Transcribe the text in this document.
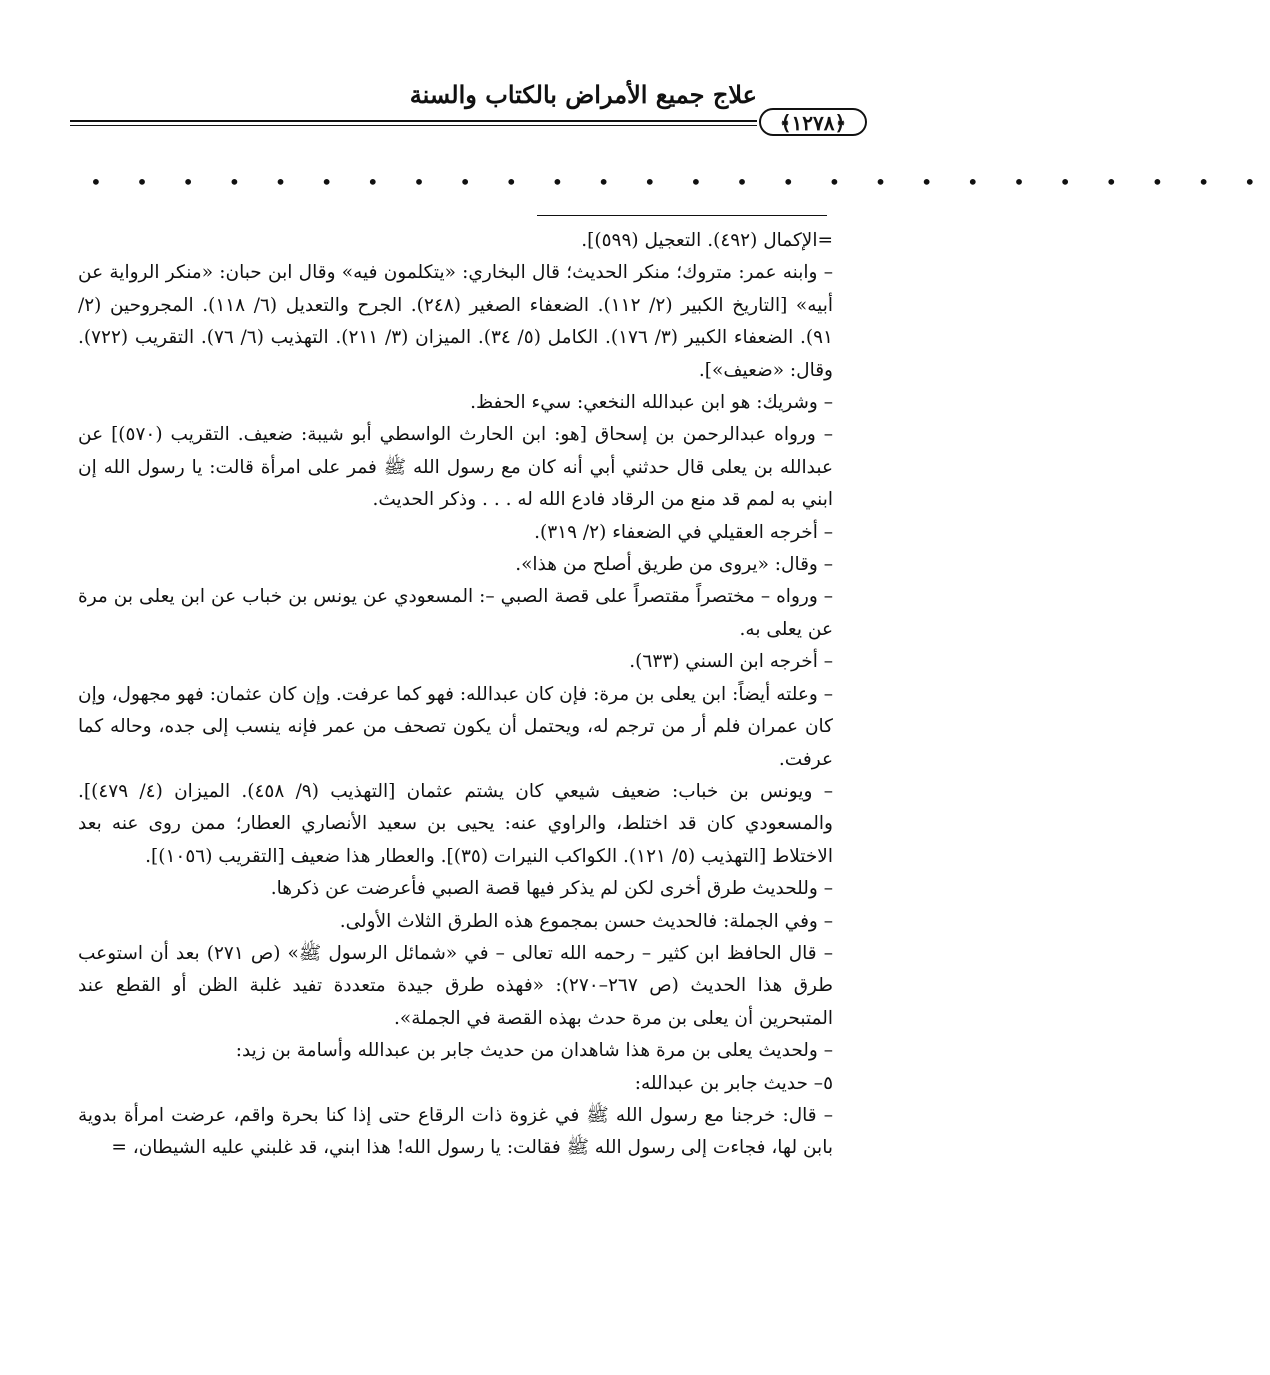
علاج جميع الأمراض بالكتاب والسنة
﴿١٢٧٨﴾
• • • • • • • • • • • • • • • • • • • • • • • • • •

=الإكمال (٤٩٢). التعجيل (٥٩٩)].

– وابنه عمر: متروك؛ منكر الحديث؛ قال البخاري: «يتكلمون فيه» وقال ابن حبان: «منكر الرواية عن أبيه» [التاريخ الكبير (٢/ ١١٢). الضعفاء الصغير (٢٤٨). الجرح والتعديل (٦/ ١١٨). المجروحين (٢/ ٩١). الضعفاء الكبير (٣/ ١٧٦). الكامل (٥/ ٣٤). الميزان (٣/ ٢١١). التهذيب (٦/ ٧٦). التقريب (٧٢٢). وقال: «ضعيف»].

– وشريك: هو ابن عبدالله النخعي: سيء الحفظ.

– ورواه عبدالرحمن بن إسحاق [هو: ابن الحارث الواسطي أبو شيبة: ضعيف. التقريب (٥٧٠)] عن عبدالله بن يعلى قال حدثني أبي أنه كان مع رسول الله ﷺ فمر على امرأة قالت: يا رسول الله إن ابني به لمم قد منع من الرقاد فادع الله له . . . وذكر الحديث.

– أخرجه العقيلي في الضعفاء (٢/ ٣١٩).

– وقال: «يروى من طريق أصلح من هذا».

– ورواه – مختصراً مقتصراً على قصة الصبي –: المسعودي عن يونس بن خباب عن ابن يعلى بن مرة عن يعلى به.

– أخرجه ابن السني (٦٣٣).

– وعلته أيضاً: ابن يعلى بن مرة: فإن كان عبدالله: فهو كما عرفت. وإن كان عثمان: فهو مجهول، وإن كان عمران فلم أر من ترجم له، ويحتمل أن يكون تصحف من عمر فإنه ينسب إلى جده، وحاله كما عرفت.

– ويونس بن خباب: ضعيف شيعي كان يشتم عثمان [التهذيب (٩/ ٤٥٨). الميزان (٤/ ٤٧٩)]. والمسعودي كان قد اختلط، والراوي عنه: يحيى بن سعيد الأنصاري العطار؛ ممن روى عنه بعد الاختلاط [التهذيب (٥/ ١٢١). الكواكب النيرات (٣٥)]. والعطار هذا ضعيف [التقريب (١٠٥٦)].

– وللحديث طرق أخرى لكن لم يذكر فيها قصة الصبي فأعرضت عن ذكرها.

– وفي الجملة: فالحديث حسن بمجموع هذه الطرق الثلاث الأولى.

– قال الحافظ ابن كثير – رحمه الله تعالى – في «شمائل الرسول ﷺ» (ص ٢٧١) بعد أن استوعب طرق هذا الحديث (ص ٢٦٧–٢٧٠): «فهذه طرق جيدة متعددة تفيد غلبة الظن أو القطع عند المتبحرين أن يعلى بن مرة حدث بهذه القصة في الجملة».

– ولحديث يعلى بن مرة هذا شاهدان من حديث جابر بن عبدالله وأسامة بن زيد:

٥– حديث جابر بن عبدالله:

– قال: خرجنا مع رسول الله ﷺ في غزوة ذات الرقاع حتى إذا كنا بحرة واقم، عرضت امرأة بدوية بابن لها، فجاءت إلى رسول الله ﷺ فقالت: يا رسول الله! هذا ابني، قد غلبني عليه الشيطان، =
